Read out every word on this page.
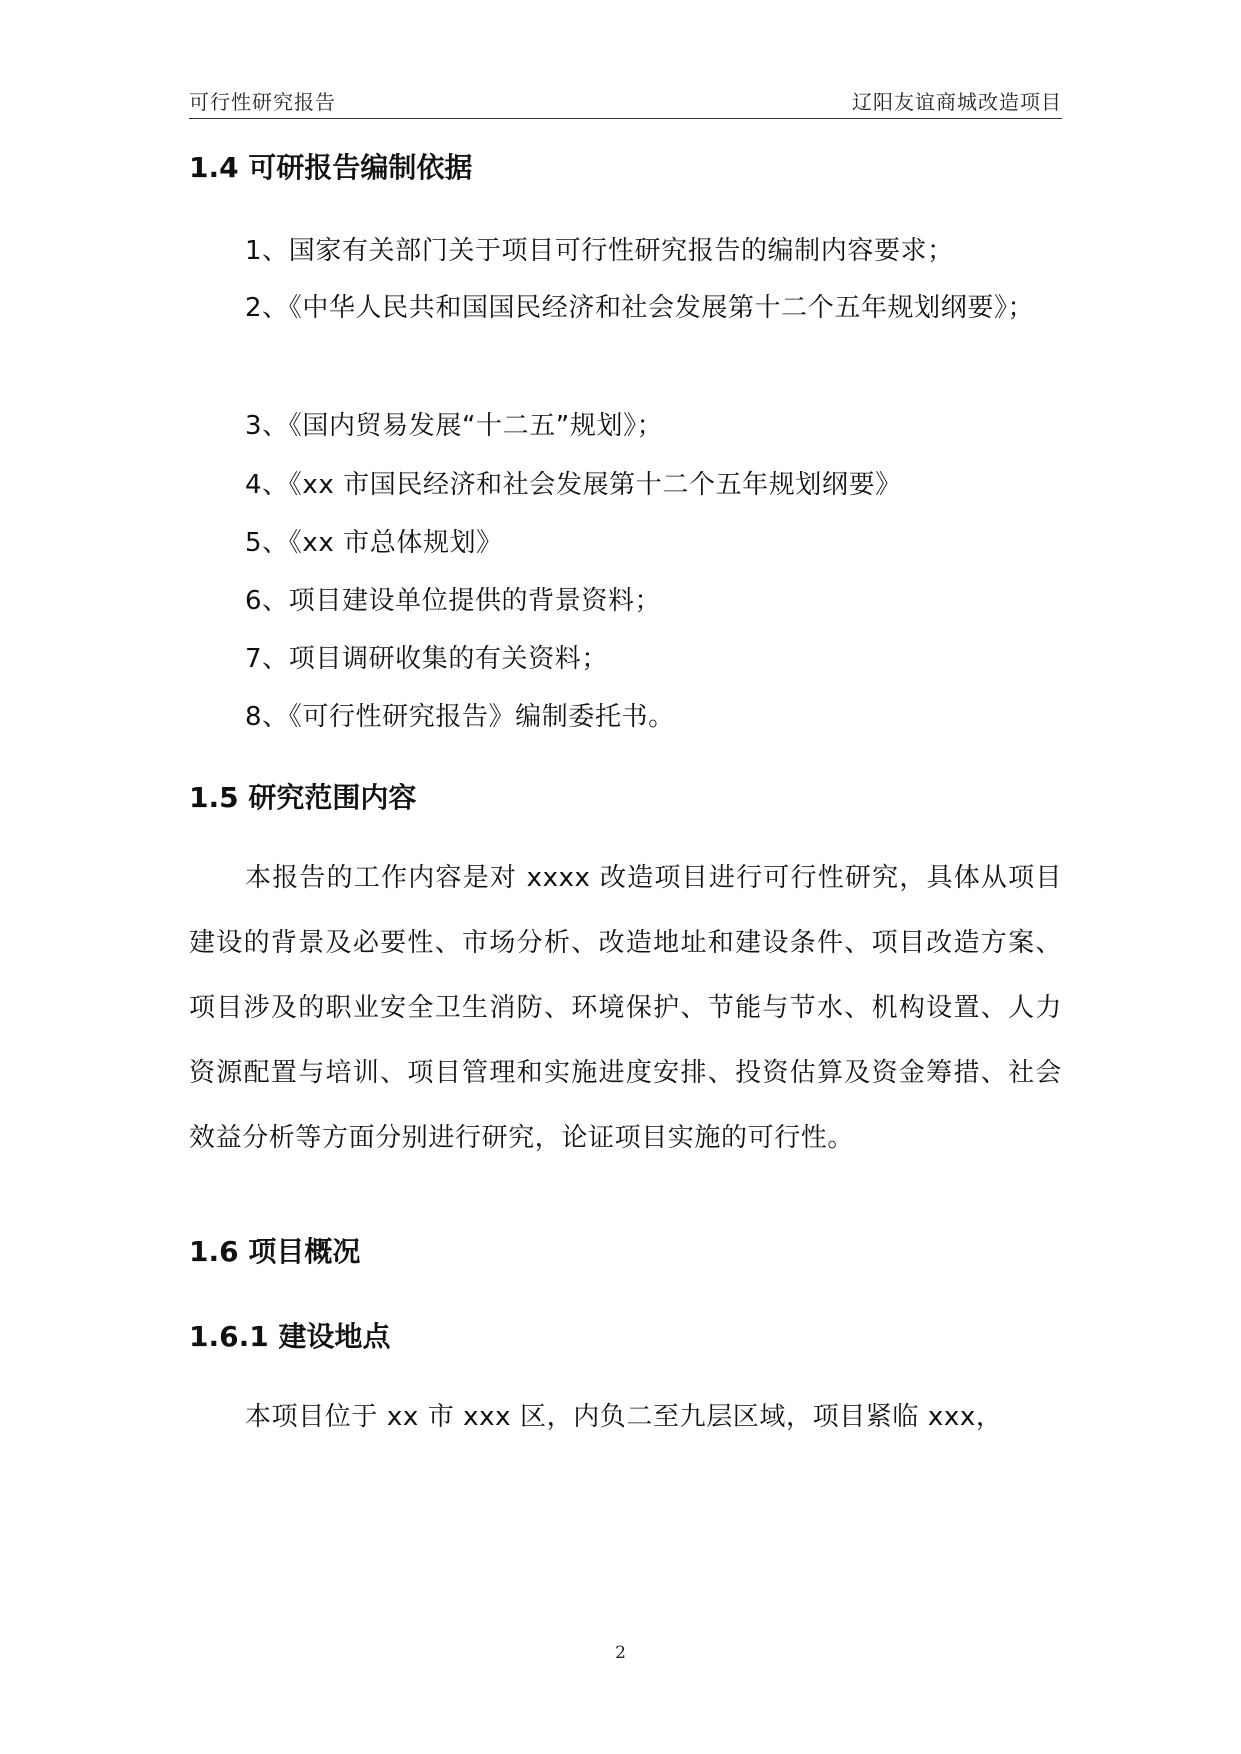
可行性研究报告	辽阳友谊商城改造项目
1.4 可研报告编制依据
1、国家有关部门关于项目可行性研究报告的编制内容要求；
2、《中华人民共和国国民经济和社会发展第十二个五年规划纲要》；
3、《国内贸易发展“十二五”规划》；
4、《xx 市国民经济和社会发展第十二个五年规划纲要》
5、《xx 市总体规划》
6、项目建设单位提供的背景资料；
7、项目调研收集的有关资料；
8、《可行性研究报告》编制委托书。
1.5 研究范围内容
本报告的工作内容是对 xxxx 改造项目进行可行性研究，具体从项目建设的背景及必要性、市场分析、改造地址和建设条件、项目改造方案、项目涉及的职业安全卫生消防、环境保护、节能与节水、机构设置、人力资源配置与培训、项目管理和实施进度安排、投资估算及资金筹措、社会效益分析等方面分别进行研究，论证项目实施的可行性。
1.6 项目概况
1.6.1 建设地点
本项目位于 xx 市 xxx 区，内负二至九层区域，项目紧临 xxx，
2
